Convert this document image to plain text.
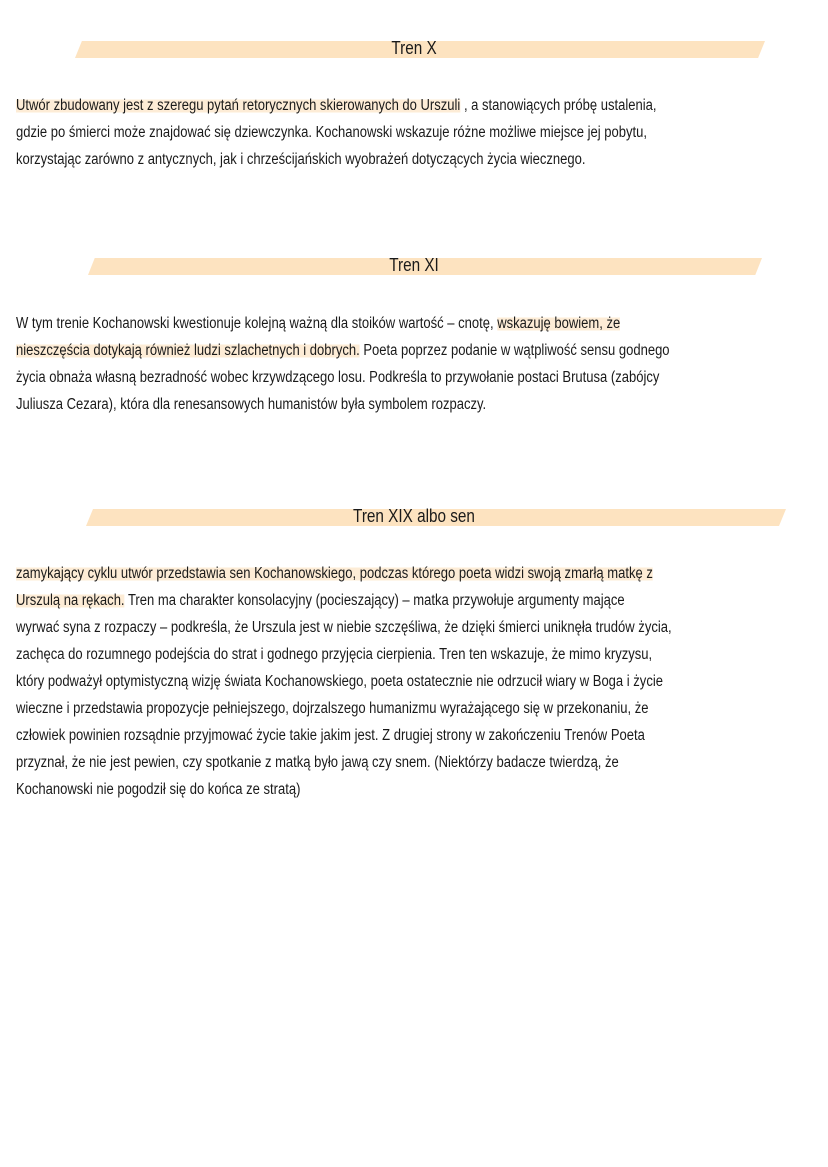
Tren X
Utwór zbudowany jest z szeregu pytań retorycznych skierowanych do Urszuli , a stanowiących próbę ustalenia,
gdzie po śmierci może znajdować się dziewczynka. Kochanowski wskazuje różne możliwe miejsce jej pobytu,
korzystając zarówno z antycznych, jak i chrześcijańskich wyobrażeń dotyczących życia wiecznego.
Tren XI
W tym trenie Kochanowski kwestionuje kolejną ważną dla stoików wartość – cnotę, wskazuję bowiem, że
nieszczęścia dotykają również ludzi szlachetnych i dobrych. Poeta poprzez podanie w wątpliwość sensu godnego
życia obnaża własną bezradność wobec krzywdzącego losu. Podkreśla to przywołanie postaci Brutusa (zabójcy
Juliusza Cezara), która dla renesansowych humanistów była symbolem rozpaczy.
Tren XIX albo sen
zamykający cyklu utwór przedstawia sen Kochanowskiego, podczas którego poeta widzi swoją zmarłą matkę z
Urszulą na rękach. Tren ma charakter konsolacyjny (pocieszający) – matka przywołuje argumenty mające
wyrwać syna z rozpaczy – podkreśla, że Urszula jest w niebie szczęśliwa, że dzięki śmierci uniknęła trudów życia,
zachęca do rozumnego podejścia do strat i godnego przyjęcia cierpienia. Tren ten wskazuje, że mimo kryzysu,
który podważył optymistyczną wizję świata Kochanowskiego, poeta ostatecznie nie odrzucił wiary w Boga i życie
wieczne i przedstawia propozycje pełniejszego, dojrzalszego humanizmu wyrażającego się w przekonaniu, że
człowiek powinien rozsądnie przyjmować życie takie jakim jest. Z drugiej strony w zakończeniu Trenów Poeta
przyznał, że nie jest pewien, czy spotkanie z matką było jawą czy snem. (Niektórzy badacze twierdzą, że
Kochanowski nie pogodził się do końca ze stratą)
